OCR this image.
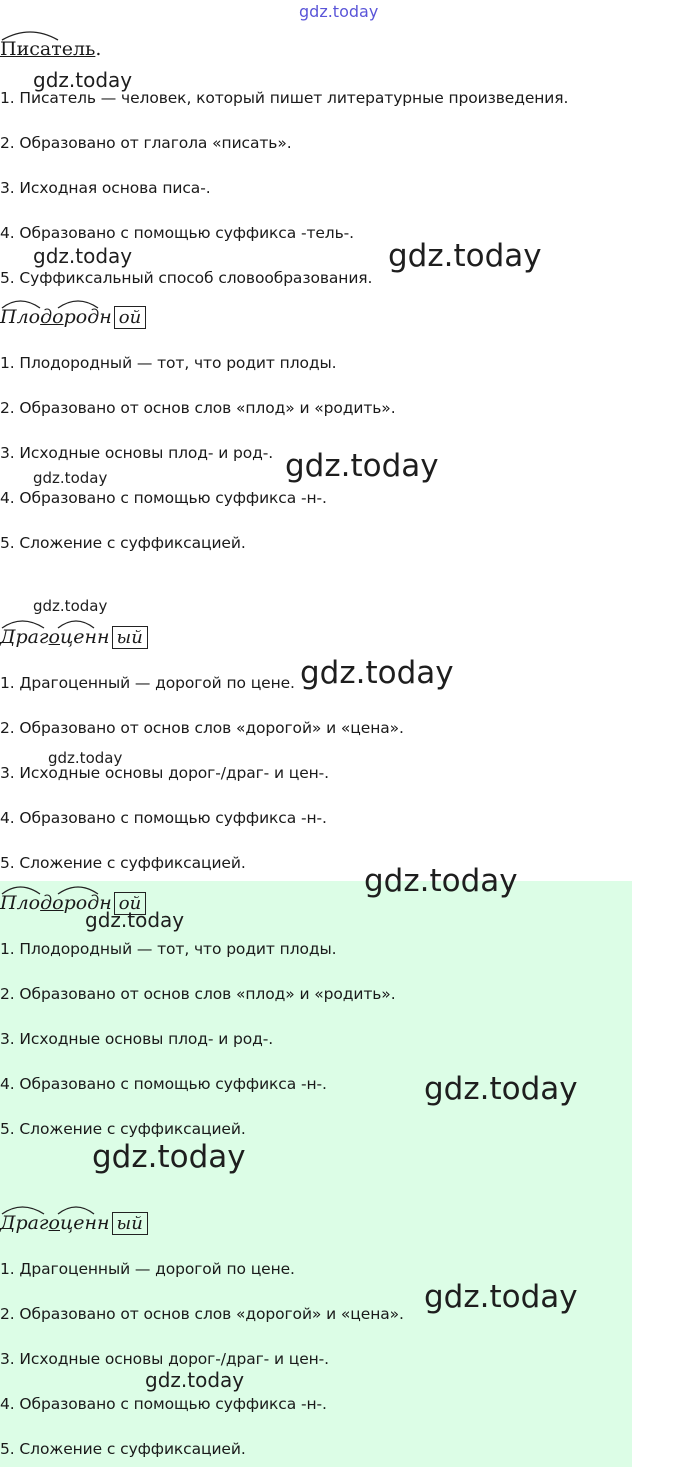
gdz.today
Писатель.
1. Писатель — человек, который пишет литературные произведения.
2. Образовано от глагола «писать».
3. Исходная основа писа-.
4. Образовано с помощью суффикса -тель-.
5. Суффиксальный способ словообразования.
Плодородн ой
1. Плодородный — тот, что родит плоды.
2. Образовано от основ слов «плод» и «родить».
3. Исходные основы плод- и род-.
4. Образовано с помощью суффикса -н-.
5. Сложение с суффиксацией.
Драгоценн ый
1. Драгоценный — дорогой по цене.
2. Образовано от основ слов «дорогой» и «цена».
3. Исходные основы дорог-/драг- и цен-.
4. Образовано с помощью суффикса -н-.
5. Сложение с суффиксацией.
Плодородн ой
1. Плодородный — тот, что родит плоды.
2. Образовано от основ слов «плод» и «родить».
3. Исходные основы плод- и род-.
4. Образовано с помощью суффикса -н-.
5. Сложение с суффиксацией.
Драгоценн ый
1. Драгоценный — дорогой по цене.
2. Образовано от основ слов «дорогой» и «цена».
3. Исходные основы дорог-/драг- и цен-.
4. Образовано с помощью суффикса -н-.
5. Сложение с суффиксацией.
gdz.today
gdz.today	gdz.today
gdz.today
gdz.today
gdz.today
gdz.today
gdz.today
gdz.today
gdz.today
gdz.today
gdz.today
gdz.today
gdz.today
